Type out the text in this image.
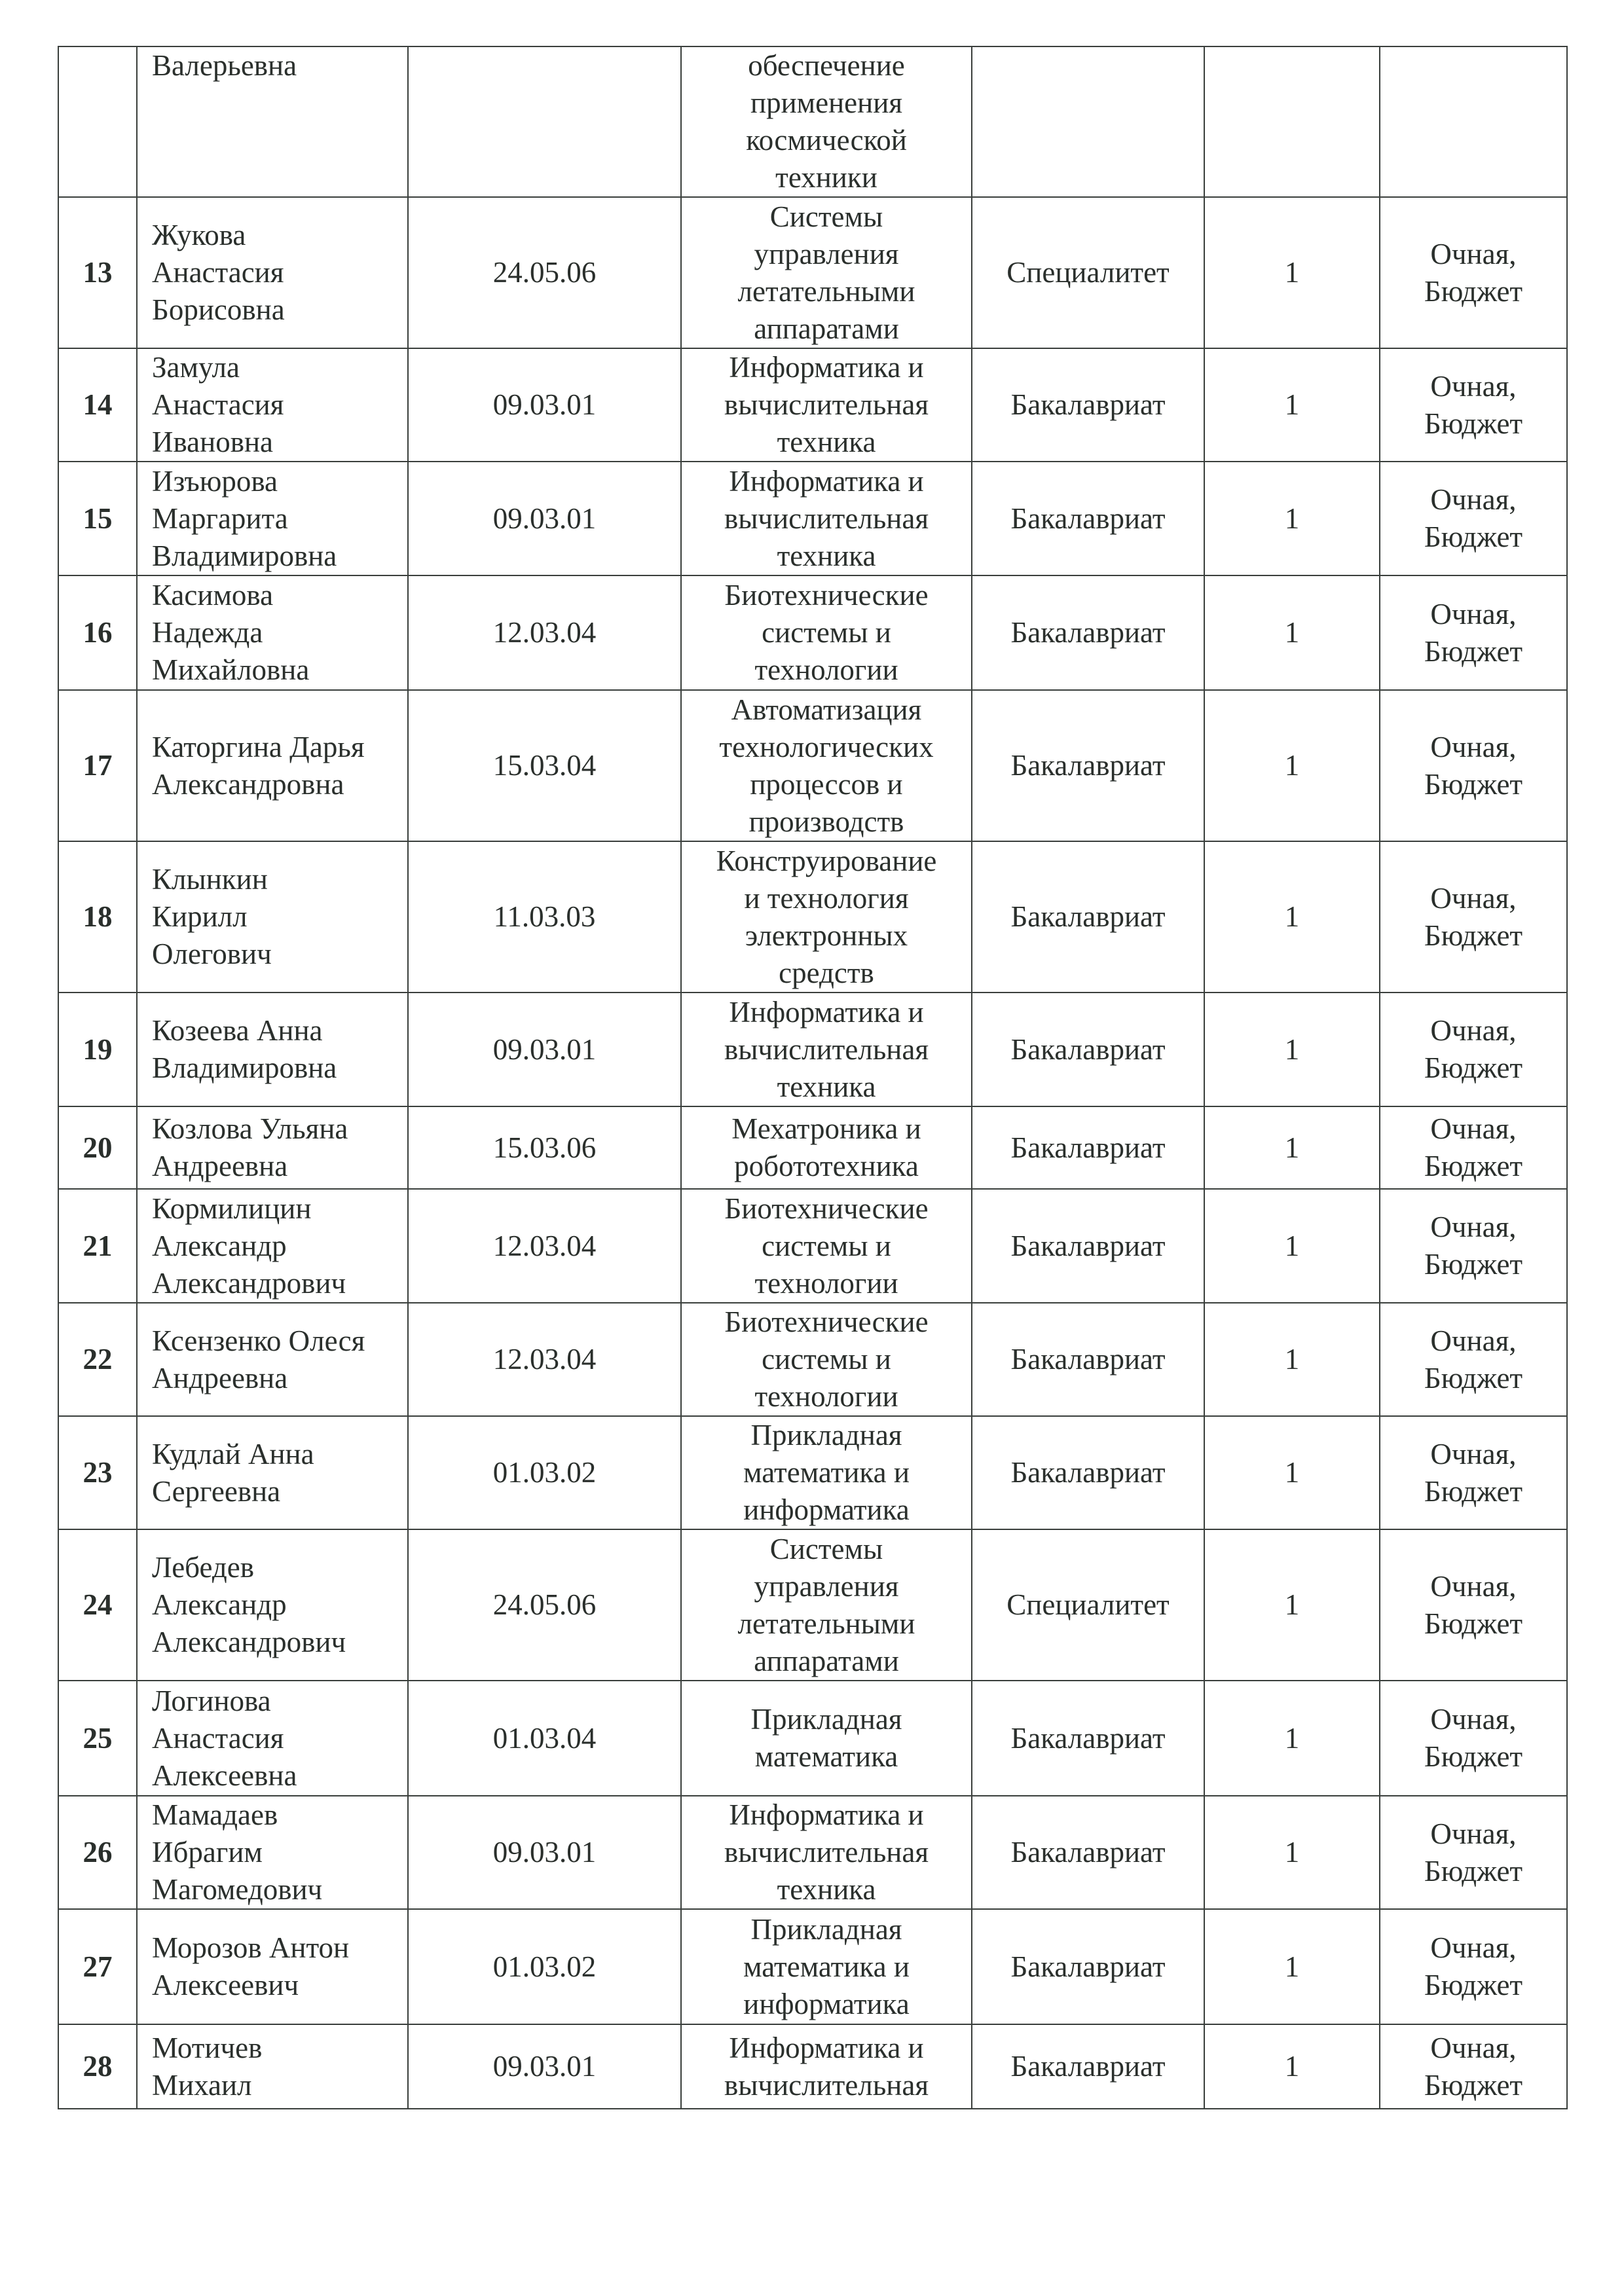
	Валерьевна		обеспечение
применения
космической
техники			

13	Жукова
Анастасия
Борисовна	24.05.06	Системы
управления
летательными
аппаратами	Специалитет	1	Очная,
Бюджет

14	Замула
Анастасия
Ивановна	09.03.01	Информатика и
вычислительная
техника	Бакалавриат	1	Очная,
Бюджет

15	Изъюрова
Маргарита
Владимировна	09.03.01	Информатика и
вычислительная
техника	Бакалавриат	1	Очная,
Бюджет

16	Касимова
Надежда
Михайловна	12.03.04	Биотехнические
системы и
технологии	Бакалавриат	1	Очная,
Бюджет

17	Каторгина Дарья
Александровна	15.03.04	Автоматизация
технологических
процессов и
производств	Бакалавриат	1	Очная,
Бюджет

18	Клынкин
Кирилл
Олегович	11.03.03	Конструирование
и технология
электронных
средств	Бакалавриат	1	Очная,
Бюджет

19	Козеева Анна
Владимировна	09.03.01	Информатика и
вычислительная
техника	Бакалавриат	1	Очная,
Бюджет

20	Козлова Ульяна
Андреевна	15.03.06	Мехатроника и
робототехника	Бакалавриат	1	Очная,
Бюджет

21	Кормилицин
Александр
Александрович	12.03.04	Биотехнические
системы и
технологии	Бакалавриат	1	Очная,
Бюджет

22	Ксензенко Олеся
Андреевна	12.03.04	Биотехнические
системы и
технологии	Бакалавриат	1	Очная,
Бюджет

23	Кудлай Анна
Сергеевна	01.03.02	Прикладная
математика и
информатика	Бакалавриат	1	Очная,
Бюджет

24	Лебедев
Александр
Александрович	24.05.06	Системы
управления
летательными
аппаратами	Специалитет	1	Очная,
Бюджет

25	Логинова
Анастасия
Алексеевна	01.03.04	Прикладная
математика	Бакалавриат	1	Очная,
Бюджет

26	Мамадаев
Ибрагим
Магомедович	09.03.01	Информатика и
вычислительная
техника	Бакалавриат	1	Очная,
Бюджет

27	Морозов Антон
Алексеевич	01.03.02	Прикладная
математика и
информатика	Бакалавриат	1	Очная,
Бюджет

28	Мотичев
Михаил	09.03.01	Информатика и
вычислительная	Бакалавриат	1	Очная,
Бюджет
